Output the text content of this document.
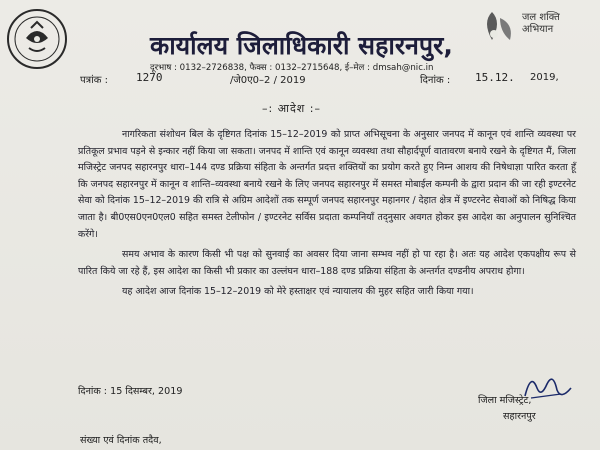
जल शक्ति
अभियान
कार्यालय जिलाधिकारी सहारनपुर,
दूरभाष : 0132–2726838, फैक्स : 0132–2715648, ई–मेल : dmsah@nic.in
पत्रांक :	1270	/जे0ए0–2 / 2019	दिनांक : 15.12. 2019,
–: आदेश :–

नागरिकता संशोधन बिल के दृष्टिगत दिनांक 15–12–2019 को प्राप्त अभिसूचना के अनुसार जनपद में कानून एवं शान्ति व्यवस्था पर प्रतिकूल प्रभाव पड़ने से इन्कार नहीं किया जा सकता। जनपद में शान्ति एवं कानून व्यवस्था तथा सौहार्दपूर्ण वातावरण बनाये रखने के दृष्टिगत मैं, जिला मजिस्ट्रेट जनपद सहारनपुर धारा–144 दण्ड प्रक्रिया संहिता के अन्तर्गत प्रदत्त शक्तियों का प्रयोग करते हुए निम्न आशय की निषेधाज्ञा पारित करता हूँ कि जनपद सहारनपुर में कानून व शान्ति–व्यवस्था बनाये रखने के लिए जनपद सहारनपुर में समस्त मोबाईल कम्पनी के द्वारा प्रदान की जा रही इण्टरनेट सेवा को दिनांक 15–12–2019 की रात्रि से अग्रिम आदेशों तक सम्पूर्ण जनपद सहारनपुर महानगर / देहात क्षेत्र में इण्टरनेट सेवाओं को निषिद्ध किया जाता है। बी0एस0एन0एल0 सहित समस्त टेलीफोन / इण्टरनेट सर्विस प्रदाता कम्पनियाँ तद्‌नुसार अवगत होकर इस आदेश का अनुपालन सुनिश्चित करेंगे।

समय अभाव के कारण किसी भी पक्ष को सुनवाई का अवसर दिया जाना सम्भव नहीं हो पा रहा है। अतः यह आदेश एकपक्षीय रूप से पारित किये जा रहे हैं, इस आदेश का किसी भी प्रकार का उल्लंघन धारा–188 दण्ड प्रक्रिया संहिता के अन्तर्गत दण्डनीय अपराध होगा।

यह आदेश आज दिनांक 15–12–2019 को मेरे हस्ताक्षर एवं न्यायालय की मुहर सहित जारी किया गया।

दिनांक : 15 दिसम्बर, 2019
जिला मजिस्ट्रेट,
सहारनपुर
संख्या एवं दिनांक तदैव,
